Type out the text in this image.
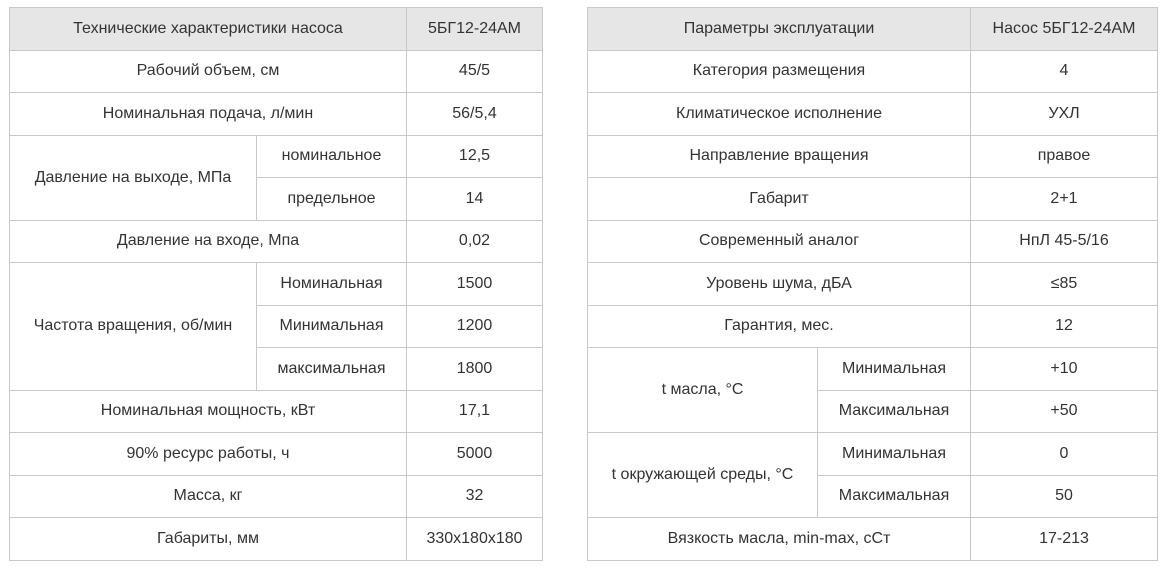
Технические характеристики насоса		5БГ12-24АМ
Рабочий объем, см		45/5
Номинальная подача, л/мин		56/5,4
Давление на выходе, МПа	номинальное	12,5
	предельное	14
Давление на входе, Мпа		0,02
Частота вращения, об/мин	Номинальная	1500
	Минимальная	1200
	максимальная	1800
Номинальная мощность, кВт		17,1
90% ресурс работы, ч		5000
Масса, кг		32
Габариты, мм		330x180x180
Параметры эксплуатации		Насос 5БГ12-24АМ
Категория размещения		4
Климатическое исполнение		УХЛ
Направление вращения		правое
Габарит		2+1
Современный аналог		НпЛ 45-5/16
Уровень шума, дБА		≤85
Гарантия, мес.		12
t масла, °С	Минимальная	+10
	Максимальная	+50
t окружающей среды, °С	Минимальная	0
	Максимальная	50
Вязкость масла, min-max, сСт		17-213
